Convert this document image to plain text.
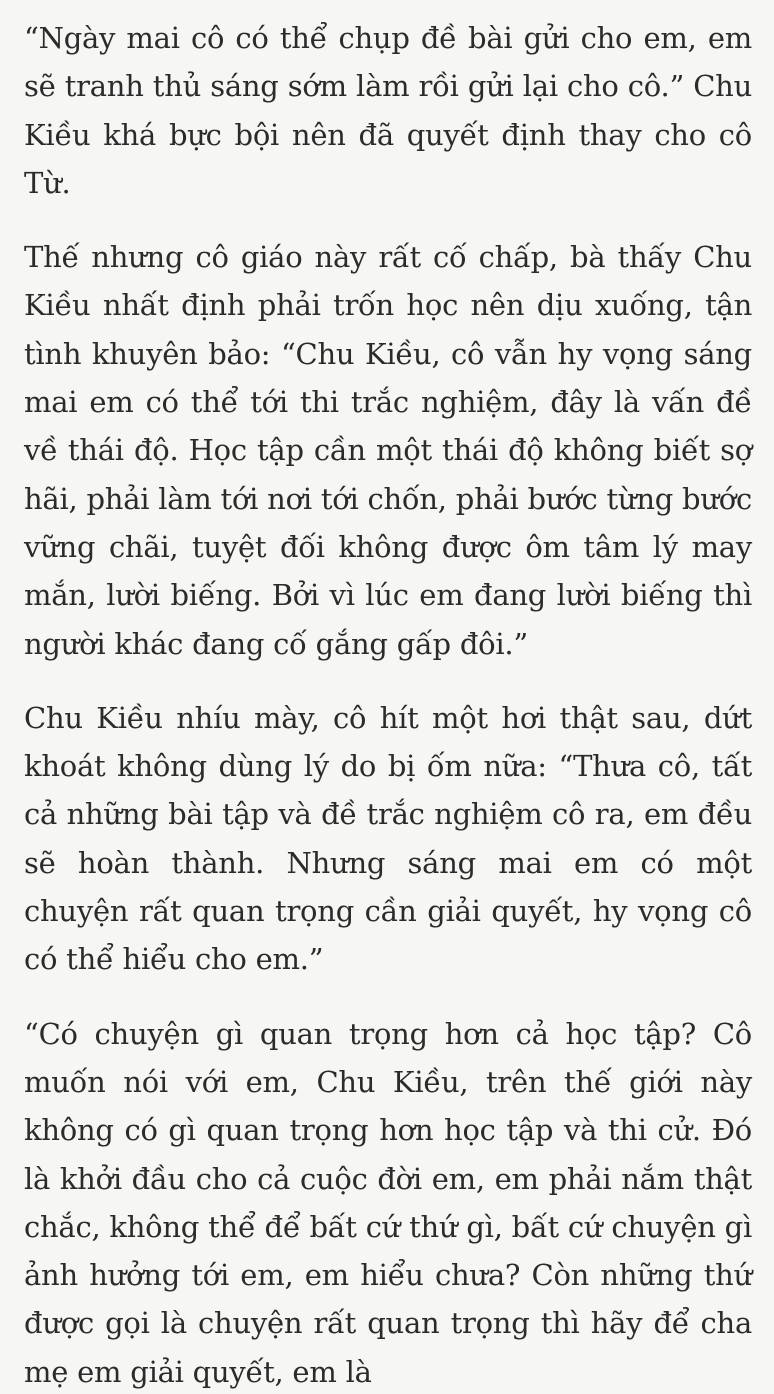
“Ngày mai cô có thể chụp đề bài gửi cho em, em sẽ tranh thủ sáng sớm làm rồi gửi lại cho cô.” Chu Kiều khá bực bội nên đã quyết định thay cho cô Từ.

Thế nhưng cô giáo này rất cố chấp, bà thấy Chu Kiều nhất định phải trốn học nên dịu xuống, tận tình khuyên bảo: “Chu Kiều, cô vẫn hy vọng sáng mai em có thể tới thi trắc nghiệm, đây là vấn đề về thái độ. Học tập cần một thái độ không biết sợ hãi, phải làm tới nơi tới chốn, phải bước từng bước vững chãi, tuyệt đối không được ôm tâm lý may mắn, lười biếng. Bởi vì lúc em đang lười biếng thì người khác đang cố gắng gấp đôi.”

Chu Kiều nhíu mày, cô hít một hơi thật sau, dứt khoát không dùng lý do bị ốm nữa: “Thưa cô, tất cả những bài tập và đề trắc nghiệm cô ra, em đều sẽ hoàn thành. Nhưng sáng mai em có một chuyện rất quan trọng cần giải quyết, hy vọng cô có thể hiểu cho em.”

“Có chuyện gì quan trọng hơn cả học tập? Cô muốn nói với em, Chu Kiều, trên thế giới này không có gì quan trọng hơn học tập và thi cử. Đó là khởi đầu cho cả cuộc đời em, em phải nắm thật chắc, không thể để bất cứ thứ gì, bất cứ chuyện gì ảnh hưởng tới em, em hiểu chưa? Còn những thứ được gọi là chuyện rất quan trọng thì hãy để cha mẹ em giải quyết, em là
